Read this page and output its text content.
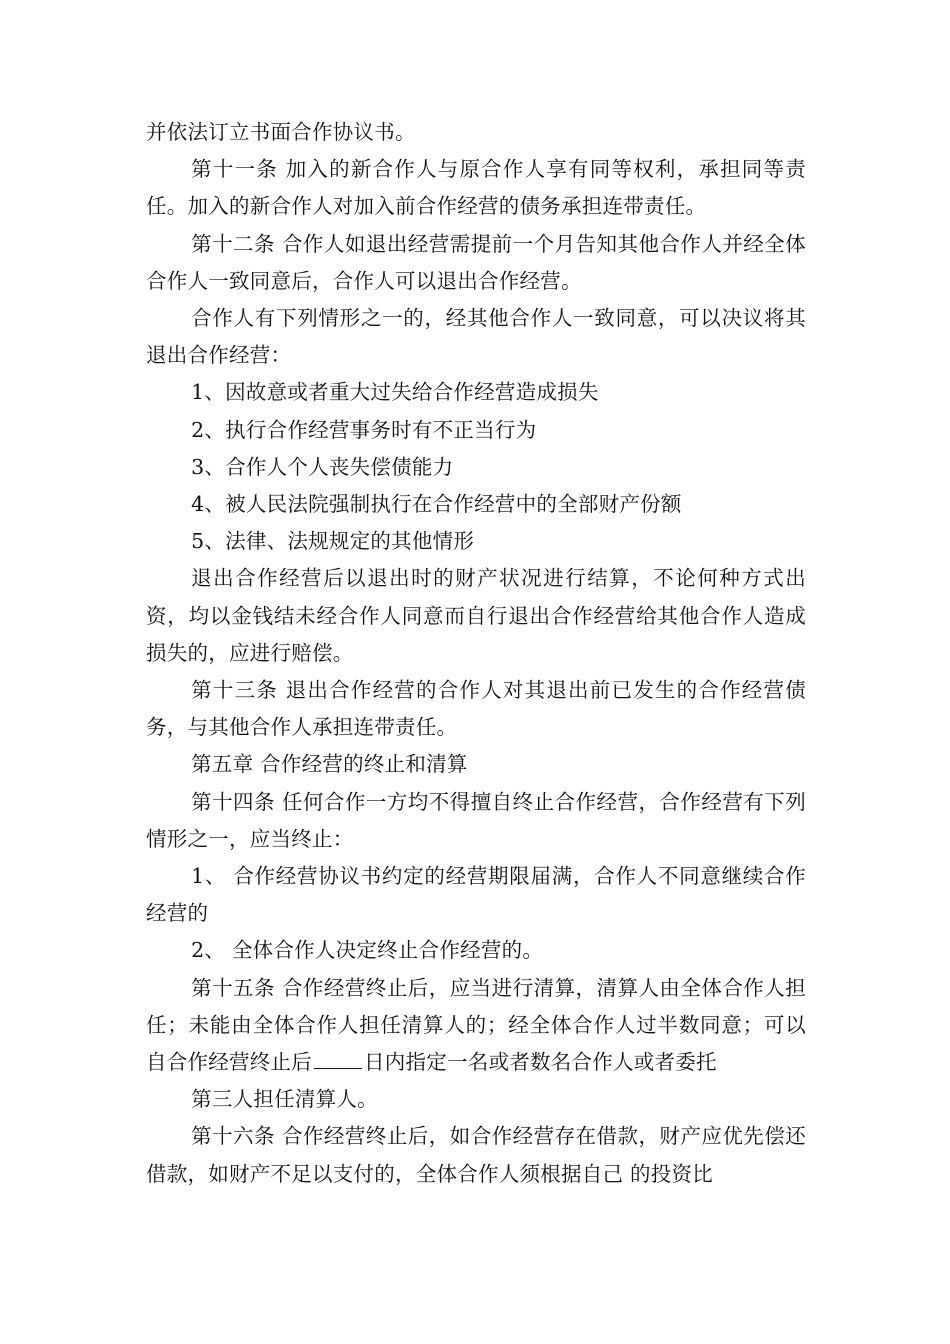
并依法订立书面合作协议书。

第十一条 加入的新合作人与原合作人享有同等权利，承担同等责任。加入的新合作人对加入前合作经营的债务承担连带责任。

第十二条 合作人如退出经营需提前一个月告知其他合作人并经全体合作人一致同意后，合作人可以退出合作经营。

合作人有下列情形之一的，经其他合作人一致同意，可以决议将其退出合作经营：

1、因故意或者重大过失给合作经营造成损失

2、执行合作经营事务时有不正当行为

3、合作人个人丧失偿债能力

4、被人民法院强制执行在合作经营中的全部财产份额

5、法律、法规规定的其他情形

退出合作经营后以退出时的财产状况进行结算，不论何种方式出资，均以金钱结未经合作人同意而自行退出合作经营给其他合作人造成损失的，应进行赔偿。

第十三条 退出合作经营的合作人对其退出前已发生的合作经营债务，与其他合作人承担连带责任。

第五章 合作经营的终止和清算

第十四条 任何合作一方均不得擅自终止合作经营，合作经营有下列情形之一，应当终止：

1、 合作经营协议书约定的经营期限届满，合作人不同意继续合作经营的

2、 全体合作人决定终止合作经营的。

第十五条 合作经营终止后，应当进行清算，清算人由全体合作人担任；未能由全体合作人担任清算人的；经全体合作人过半数同意；可以自合作经营终止后	日内指定一名或者数名合作人或者委托

第三人担任清算人。

第十六条 合作经营终止后，如合作经营存在借款，财产应优先偿还借款，如财产不足以支付的，全体合作人须根据自己 的投资比
